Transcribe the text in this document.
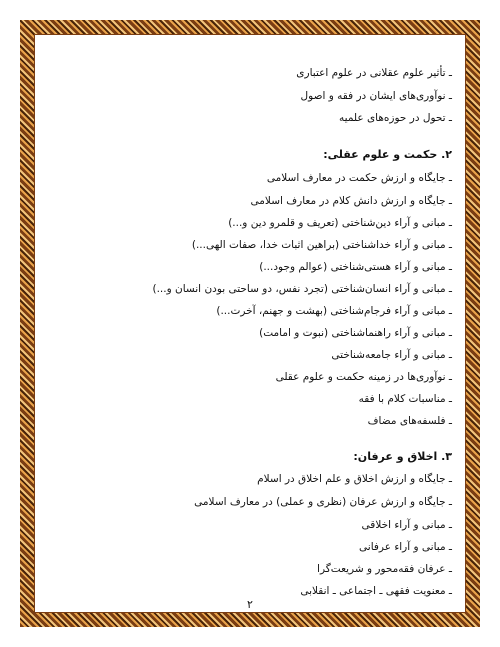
ـ تأثیر علوم عقلانی در علوم اعتباری
ـ نوآوری‌های ایشان در فقه و اصول
ـ تحول در حوزه‌های علمیه
۲. حکمت و علوم عقلی:
ـ جایگاه و ارزش حکمت در معارف اسلامی
ـ جایگاه و ارزش دانش کلام در معارف اسلامی
ـ مبانی و آراء دین‌شناختی (تعریف و قلمرو دین و...)
ـ مبانی و آراء خداشناختی (براهین اثبات خدا، صفات الهی...)
ـ مبانی و آراء هستی‌شناختی (عوالم وجود...)
ـ مبانی و آراء انسان‌شناختی (تجرد نفس، دو ساحتی بودن انسان و...)
ـ مبانی و آراء فرجام‌شناختی (بهشت و جهنم، آخرت...)
ـ مبانی و آراء راهنماشناختی (نبوت و امامت)
ـ مبانی و آراء جامعه‌شناختی
ـ نوآوری‌ها در زمینه حکمت و علوم عقلی
ـ مناسبات کلام با فقه
ـ فلسفه‌های مضاف
۳. اخلاق و عرفان:
ـ جایگاه و ارزش اخلاق و علم اخلاق در اسلام
ـ جایگاه و ارزش عرفان (نظری و عملی) در معارف اسلامی
ـ مبانی و آراء اخلاقی
ـ مبانی و آراء عرفانی
ـ عرفان فقه‌محور و شریعت‌گرا
ـ معنویت فقهی ـ اجتماعی ـ انقلابی
۲
